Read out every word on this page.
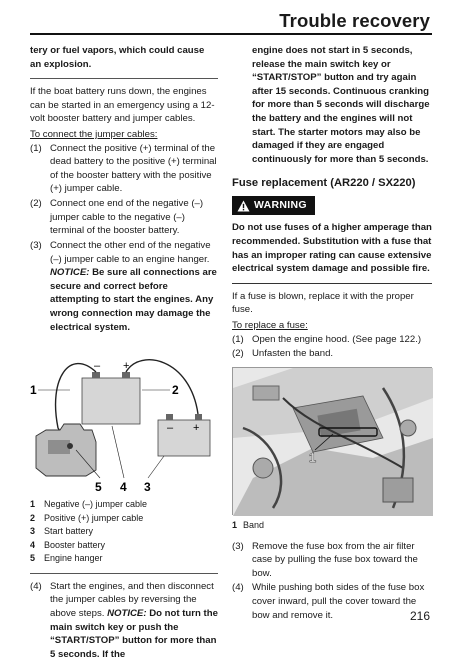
Trouble recovery

tery or fuel vapors, which could cause an explosion.

If the boat battery runs down, the engines can be started in an emergency using a 12-volt booster battery and jumper cables.

To connect the jumper cables:
(1) Connect the positive (+) terminal of the dead battery to the positive (+) terminal of the booster battery with the positive (+) jumper cable.
(2) Connect one end of the negative (–) jumper cable to the negative (–) terminal of the booster battery.
(3) Connect the other end of the negative (–) jumper cable to an engine hanger. NOTICE: Be sure all connections are secure and correct before attempting to start the engines. Any wrong connection may damage the electrical system.
– +
– +
1	2
5 4 3
1 Negative (–) jumper cable
2 Positive (+) jumper cable
3 Start battery
4 Booster battery
5 Engine hanger
(4) Start the engines, and then disconnect the jumper cables by reversing the above steps. NOTICE: Do not turn the main switch key or push the “START/STOP” button for more than 5 seconds. If the
engine does not start in 5 seconds, release the main switch key or “START/STOP” button and try again after 15 seconds. Continuous cranking for more than 5 seconds will discharge the battery and the engines will not start. The starter motors may also be damaged if they are engaged continuously for more than 5 seconds.
Fuse replacement (AR220 / SX220)
WARNING

Do not use fuses of a higher amperage than recommended. Substitution with a fuse that has an improper rating can cause extensive electrical system damage and possible fire.

If a fuse is blown, replace it with the proper fuse.

To replace a fuse:
(1) Open the engine hood. (See page 122.)
(2) Unfasten the band.
1
1 Band
(3) Remove the fuse box from the air filter case by pulling the fuse box toward the bow.
(4) While pushing both sides of the fuse box cover inward, pull the cover toward the bow and remove it.	216
